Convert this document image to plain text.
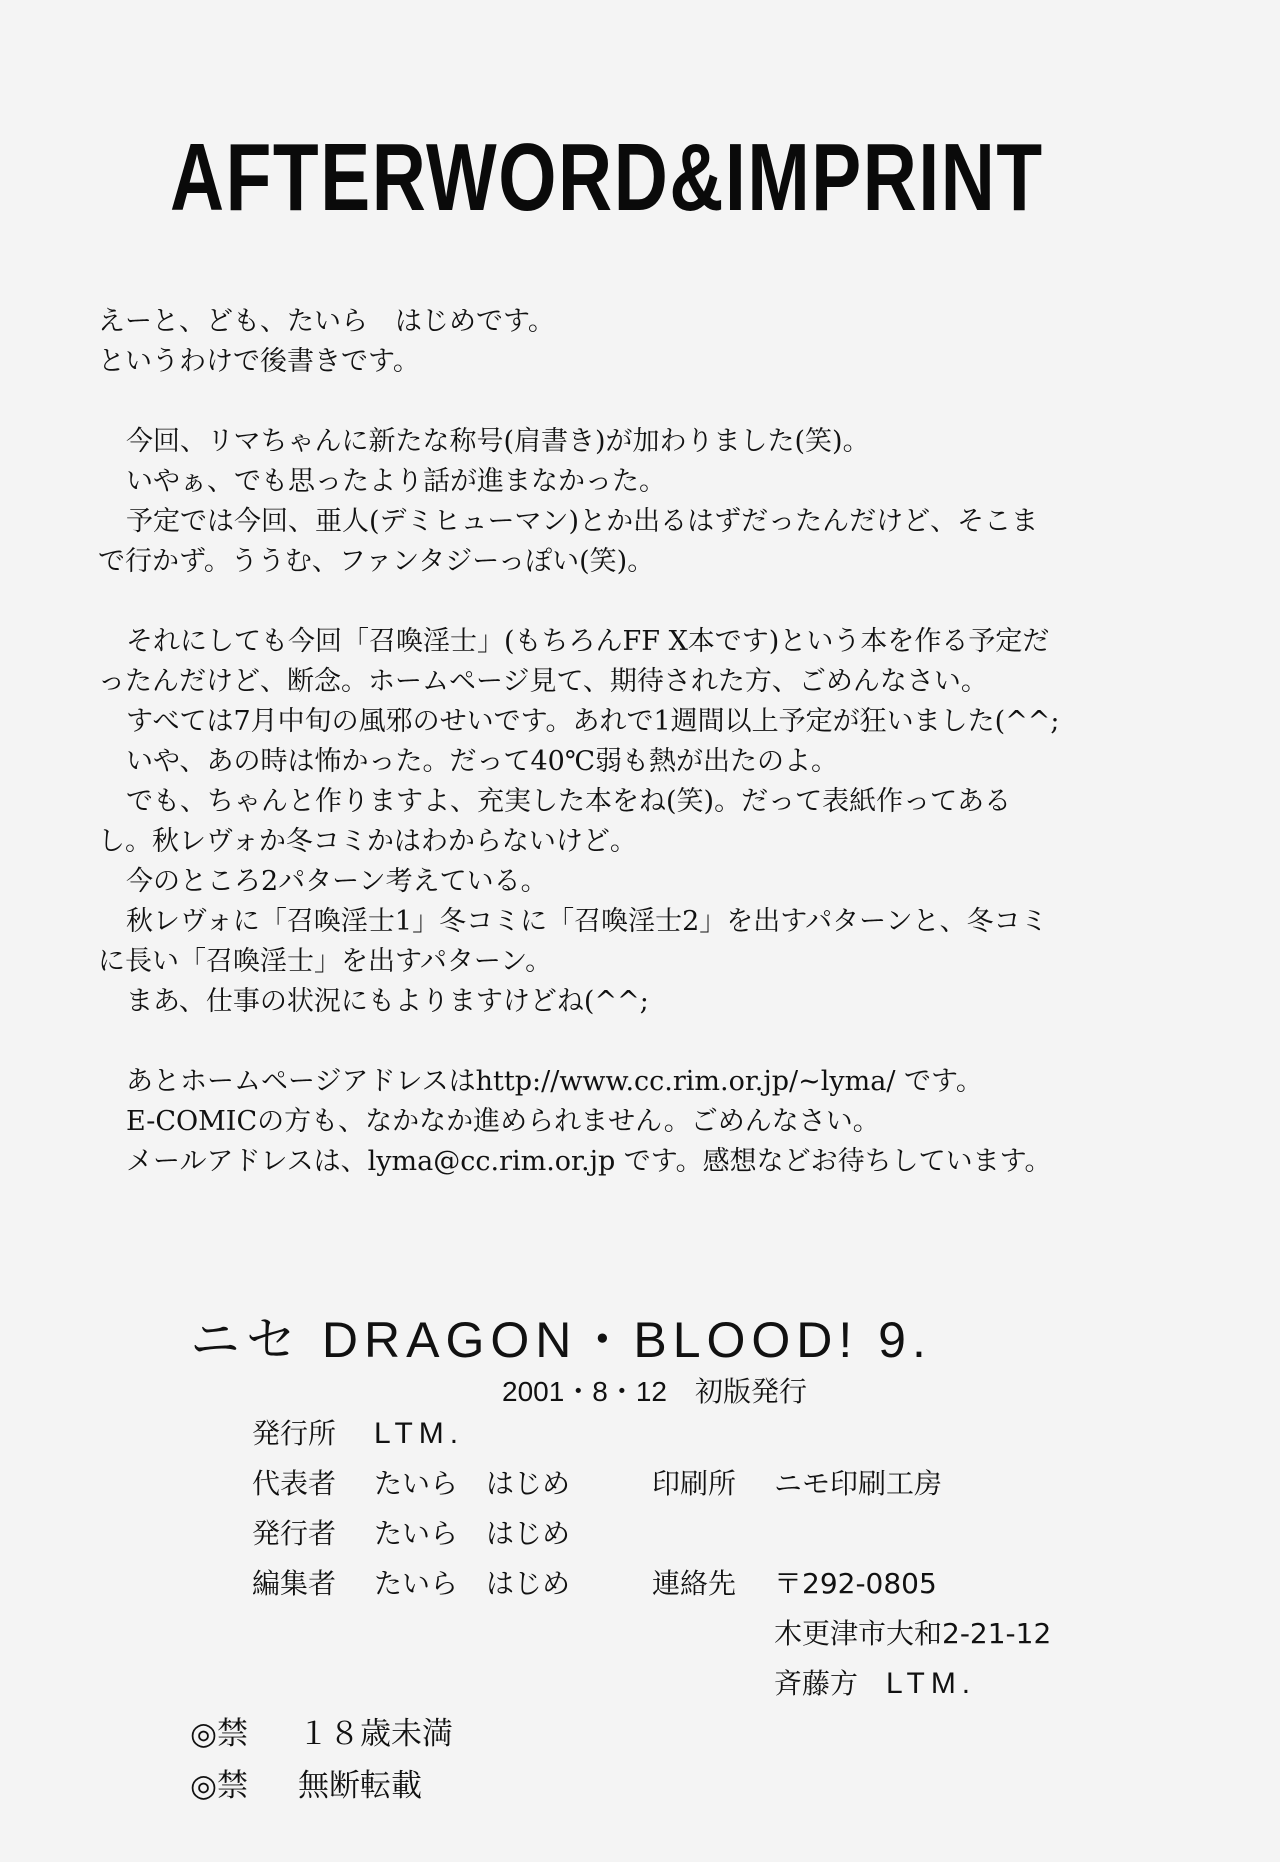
AFTERWORD&IMPRINT
えーと、ども、たいら　はじめです。
というわけで後書きです。
今回、リマちゃんに新たな称号(肩書き)が加わりました(笑)。
いやぁ、でも思ったより話が進まなかった。
予定では今回、亜人(デミヒューマン)とか出るはずだったんだけど、そこま
で行かず。ううむ、ファンタジーっぽい(笑)。
それにしても今回「召喚淫士」(もちろんFF X本です)という本を作る予定だ
ったんだけど、断念。ホームページ見て、期待された方、ごめんなさい。
すべては7月中旬の風邪のせいです。あれで1週間以上予定が狂いました(^^;
いや、あの時は怖かった。だって40℃弱も熱が出たのよ。
でも、ちゃんと作りますよ、充実した本をね(笑)。だって表紙作ってある
し。秋レヴォか冬コミかはわからないけど。
今のところ2パターン考えている。
秋レヴォに「召喚淫士1」冬コミに「召喚淫士2」を出すパターンと、冬コミ
に長い「召喚淫士」を出すパターン。
まあ、仕事の状況にもよりますけどね(^^;
あとホームページアドレスはhttp://www.cc.rim.or.jp/~lyma/ です。
E-COMICの方も、なかなか進められません。ごめんなさい。
メールアドレスは、lyma@cc.rim.or.jp です。感想などお待ちしています。
ニセ DRAGON・BLOOD! 9.
2001・8・12　初版発行
発行所 LTM.
代表者 たいら　はじめ	印刷所 ニモ印刷工房
発行者 たいら　はじめ
編集者 たいら　はじめ	連絡先 〒292-0805
木更津市大和2-21-12
斉藤方　 LTM.
◎禁 １８歳未満
◎禁 無断転載
